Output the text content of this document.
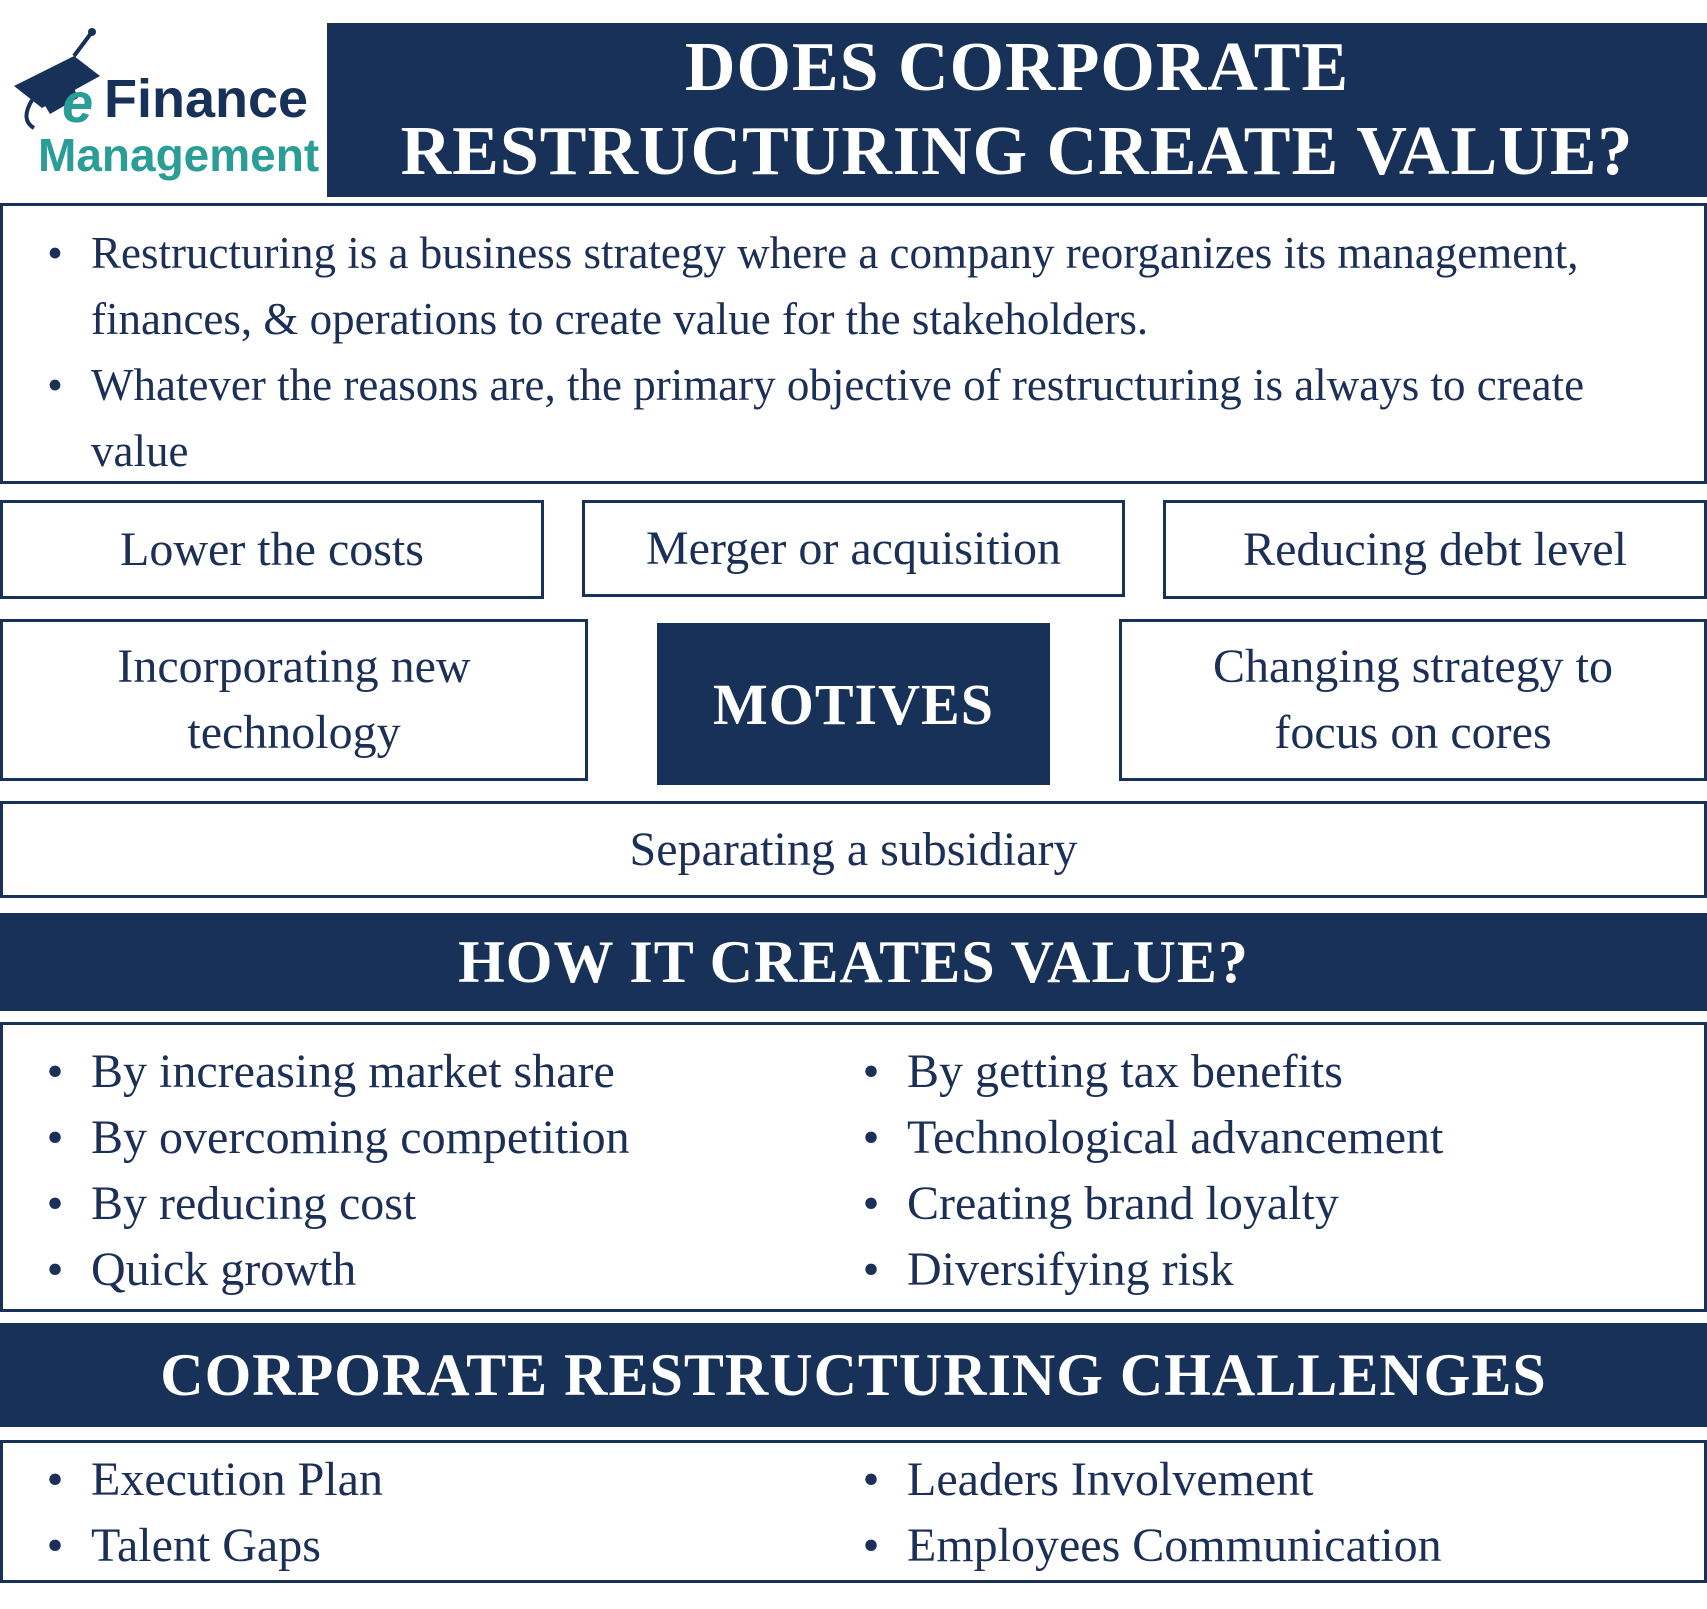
e Finance
Management
DOES CORPORATE
RESTRUCTURING CREATE VALUE?
• Restructuring is a business strategy where a company reorganizes its management, finances, & operations to create value for the stakeholders.
• Whatever the reasons are, the primary objective of restructuring is always to create value
Lower the costs	Merger or acquisition	Reducing debt level
Incorporating new technology	MOTIVES
Changing strategy to focus on cores
Separating a subsidiary
HOW IT CREATES VALUE?
• By increasing market share
• By overcoming competition
• By reducing cost
• Quick growth
• By getting tax benefits
• Technological advancement
• Creating brand loyalty
• Diversifying risk
CORPORATE RESTRUCTURING CHALLENGES
• Execution Plan
• Talent Gaps
• Leaders Involvement
• Employees Communication
